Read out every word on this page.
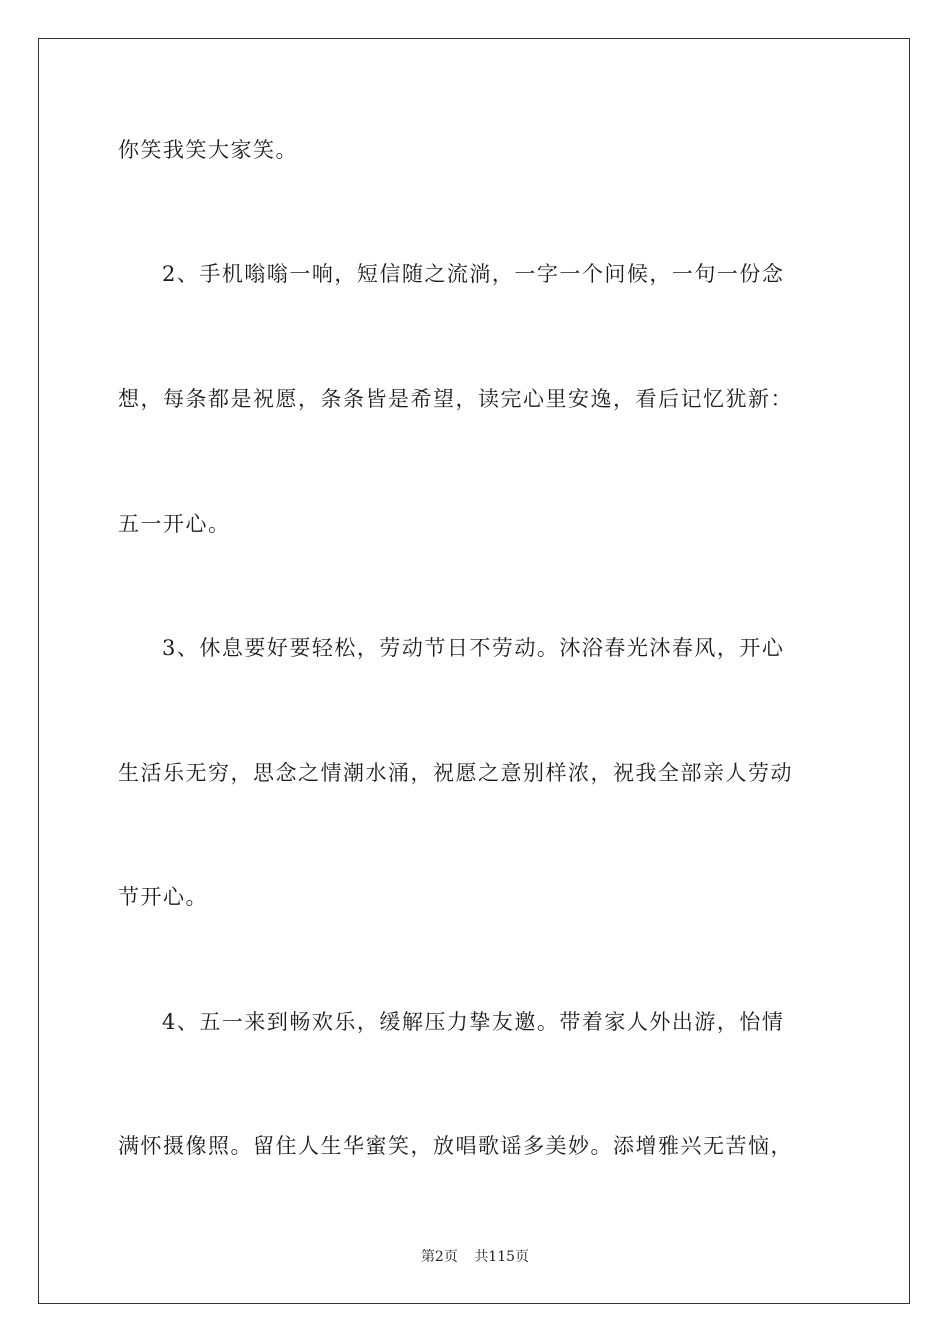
你笑我笑大家笑。
2、手机嗡嗡一响，短信随之流淌，一字一个问候，一句一份念
想，每条都是祝愿，条条皆是希望，读完心里安逸，看后记忆犹新：
五一开心。
3、休息要好要轻松，劳动节日不劳动。沐浴春光沐春风，开心
生活乐无穷，思念之情潮水涌，祝愿之意别样浓，祝我全部亲人劳动
节开心。
4、五一来到畅欢乐，缓解压力挚友邀。带着家人外出游，怡情
满怀摄像照。留住人生华蜜笑，放唱歌谣多美妙。添增雅兴无苦恼，
第2页 共115页
